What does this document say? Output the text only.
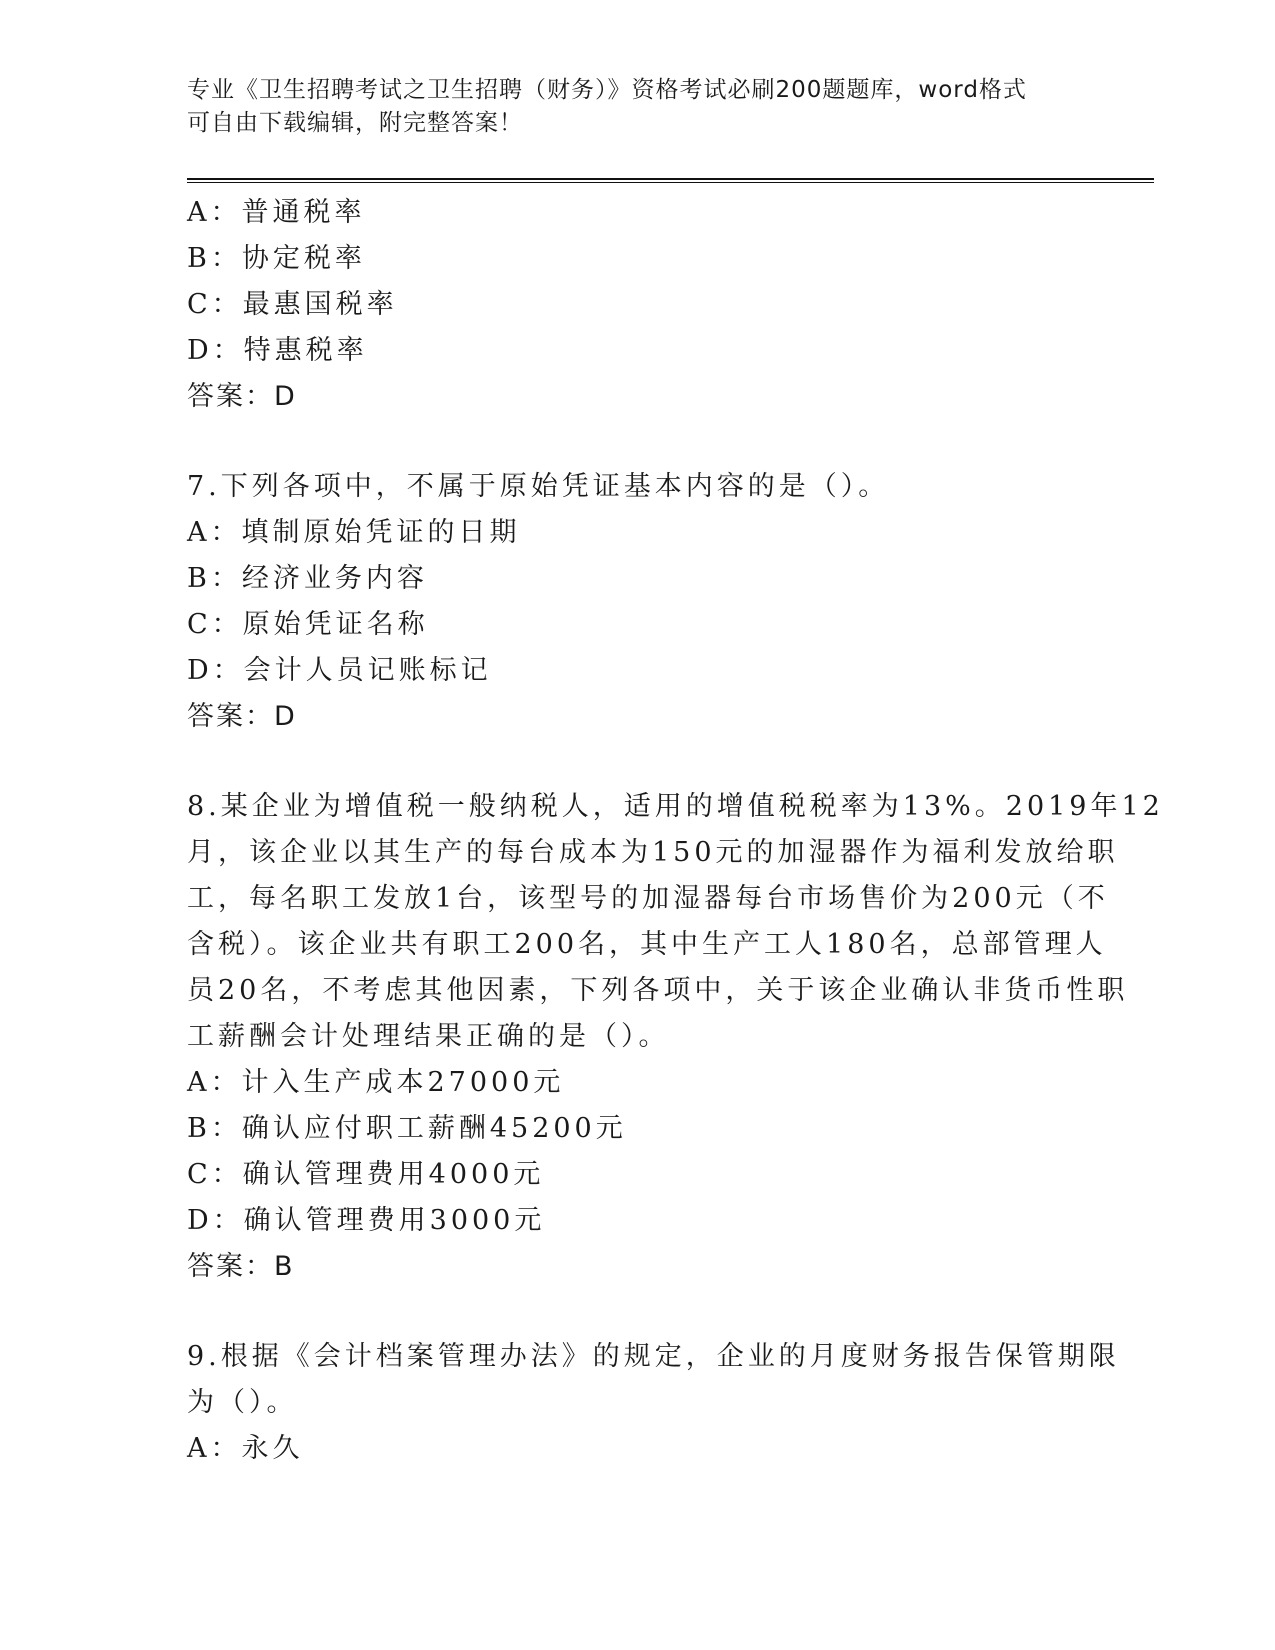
专业《卫生招聘考试之卫生招聘（财务）》资格考试必刷200题题库，word格式
可自由下载编辑，附完整答案！
A：普通税率
B：协定税率
C：最惠国税率
D：特惠税率
答案：D
7.下列各项中，不属于原始凭证基本内容的是（）。
A：填制原始凭证的日期
B：经济业务内容
C：原始凭证名称
D：会计人员记账标记
答案：D
8.某企业为增值税一般纳税人，适用的增值税税率为13%。2019年12
月，该企业以其生产的每台成本为150元的加湿器作为福利发放给职
工，每名职工发放1台，该型号的加湿器每台市场售价为200元（不
含税）。该企业共有职工200名，其中生产工人180名，总部管理人
员20名，不考虑其他因素，下列各项中，关于该企业确认非货币性职
工薪酬会计处理结果正确的是（）。
A：计入生产成本27000元
B：确认应付职工薪酬45200元
C：确认管理费用4000元
D：确认管理费用3000元
答案：B
9.根据《会计档案管理办法》的规定，企业的月度财务报告保管期限
为（）。
A：永久
